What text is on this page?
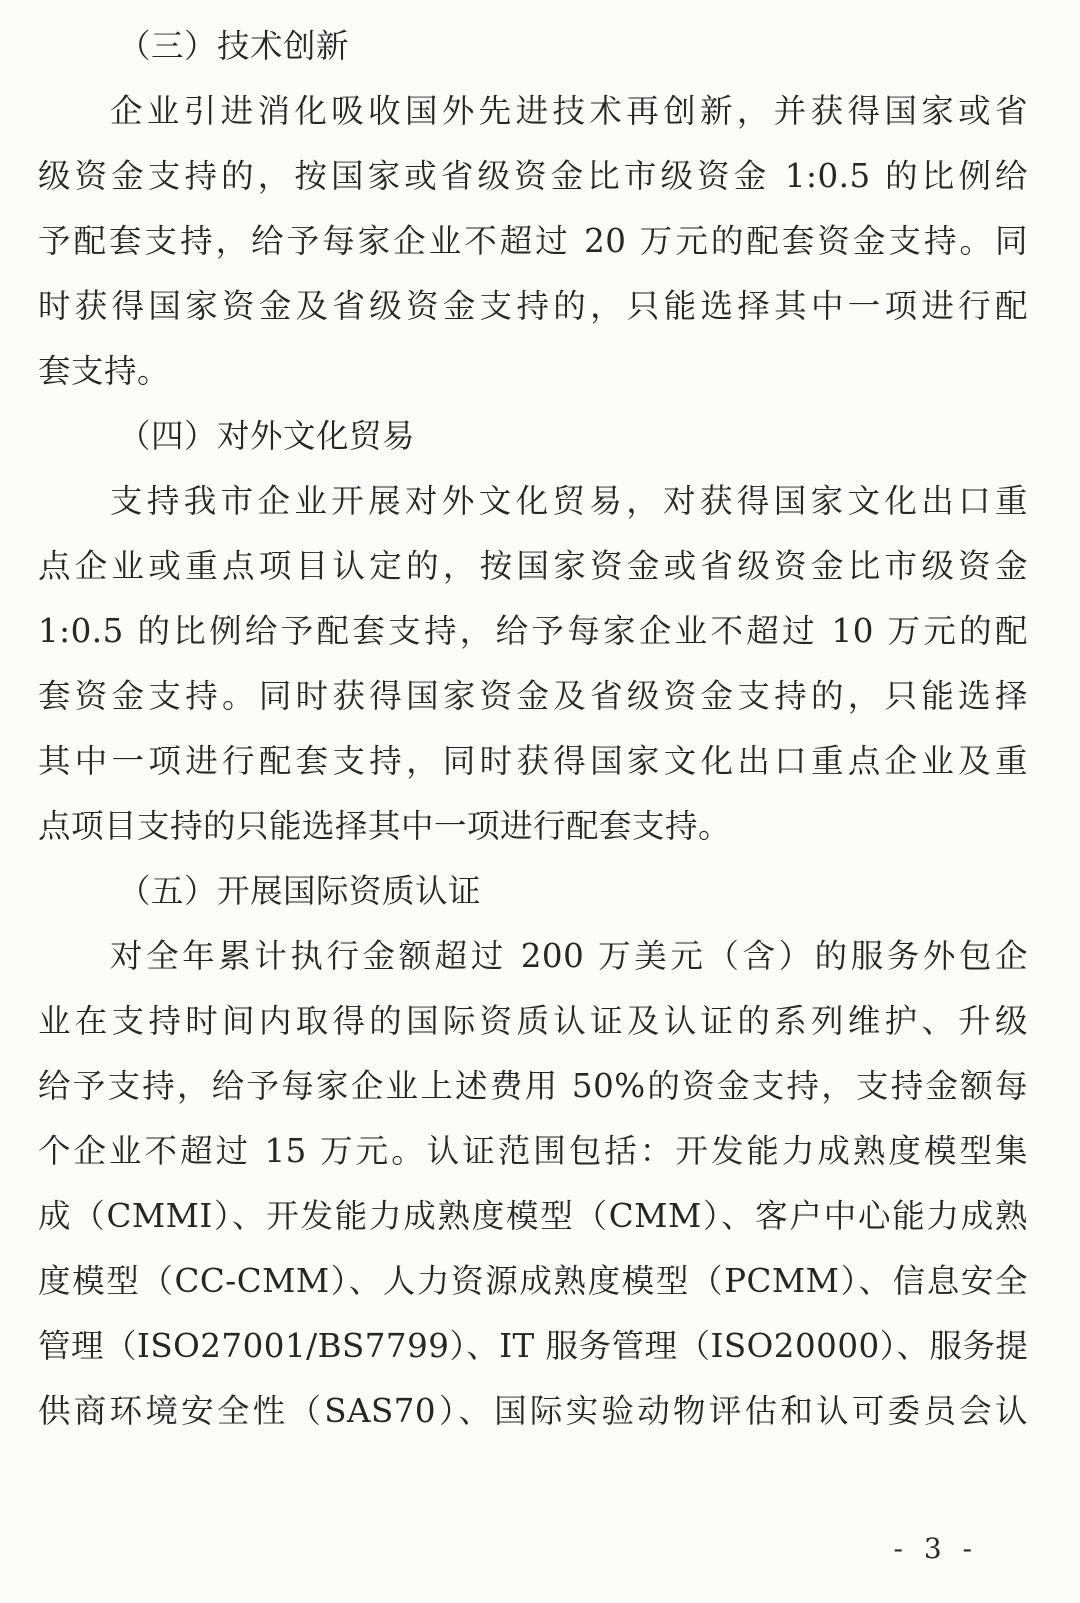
（三）技术创新
企业引进消化吸收国外先进技术再创新，并获得国家或省
级资金支持的，按国家或省级资金比市级资金 1:0.5 的比例给
予配套支持，给予每家企业不超过 20 万元的配套资金支持。同
时获得国家资金及省级资金支持的，只能选择其中一项进行配
套支持。
（四）对外文化贸易
支持我市企业开展对外文化贸易，对获得国家文化出口重
点企业或重点项目认定的，按国家资金或省级资金比市级资金
1:0.5 的比例给予配套支持，给予每家企业不超过 10 万元的配
套资金支持。同时获得国家资金及省级资金支持的，只能选择
其中一项进行配套支持，同时获得国家文化出口重点企业及重
点项目支持的只能选择其中一项进行配套支持。
（五）开展国际资质认证
对全年累计执行金额超过 200 万美元（含）的服务外包企
业在支持时间内取得的国际资质认证及认证的系列维护、升级
给予支持，给予每家企业上述费用 50%的资金支持，支持金额每
个企业不超过 15 万元。认证范围包括：开发能力成熟度模型集
成（CMMI）、开发能力成熟度模型（CMM）、客户中心能力成熟
度模型（CC-CMM）、人力资源成熟度模型（PCMM）、信息安全
管理（ISO27001/BS7799）、IT 服务管理（ISO20000）、服务提
供商环境安全性（SAS70）、国际实验动物评估和认可委员会认
- 3 -
